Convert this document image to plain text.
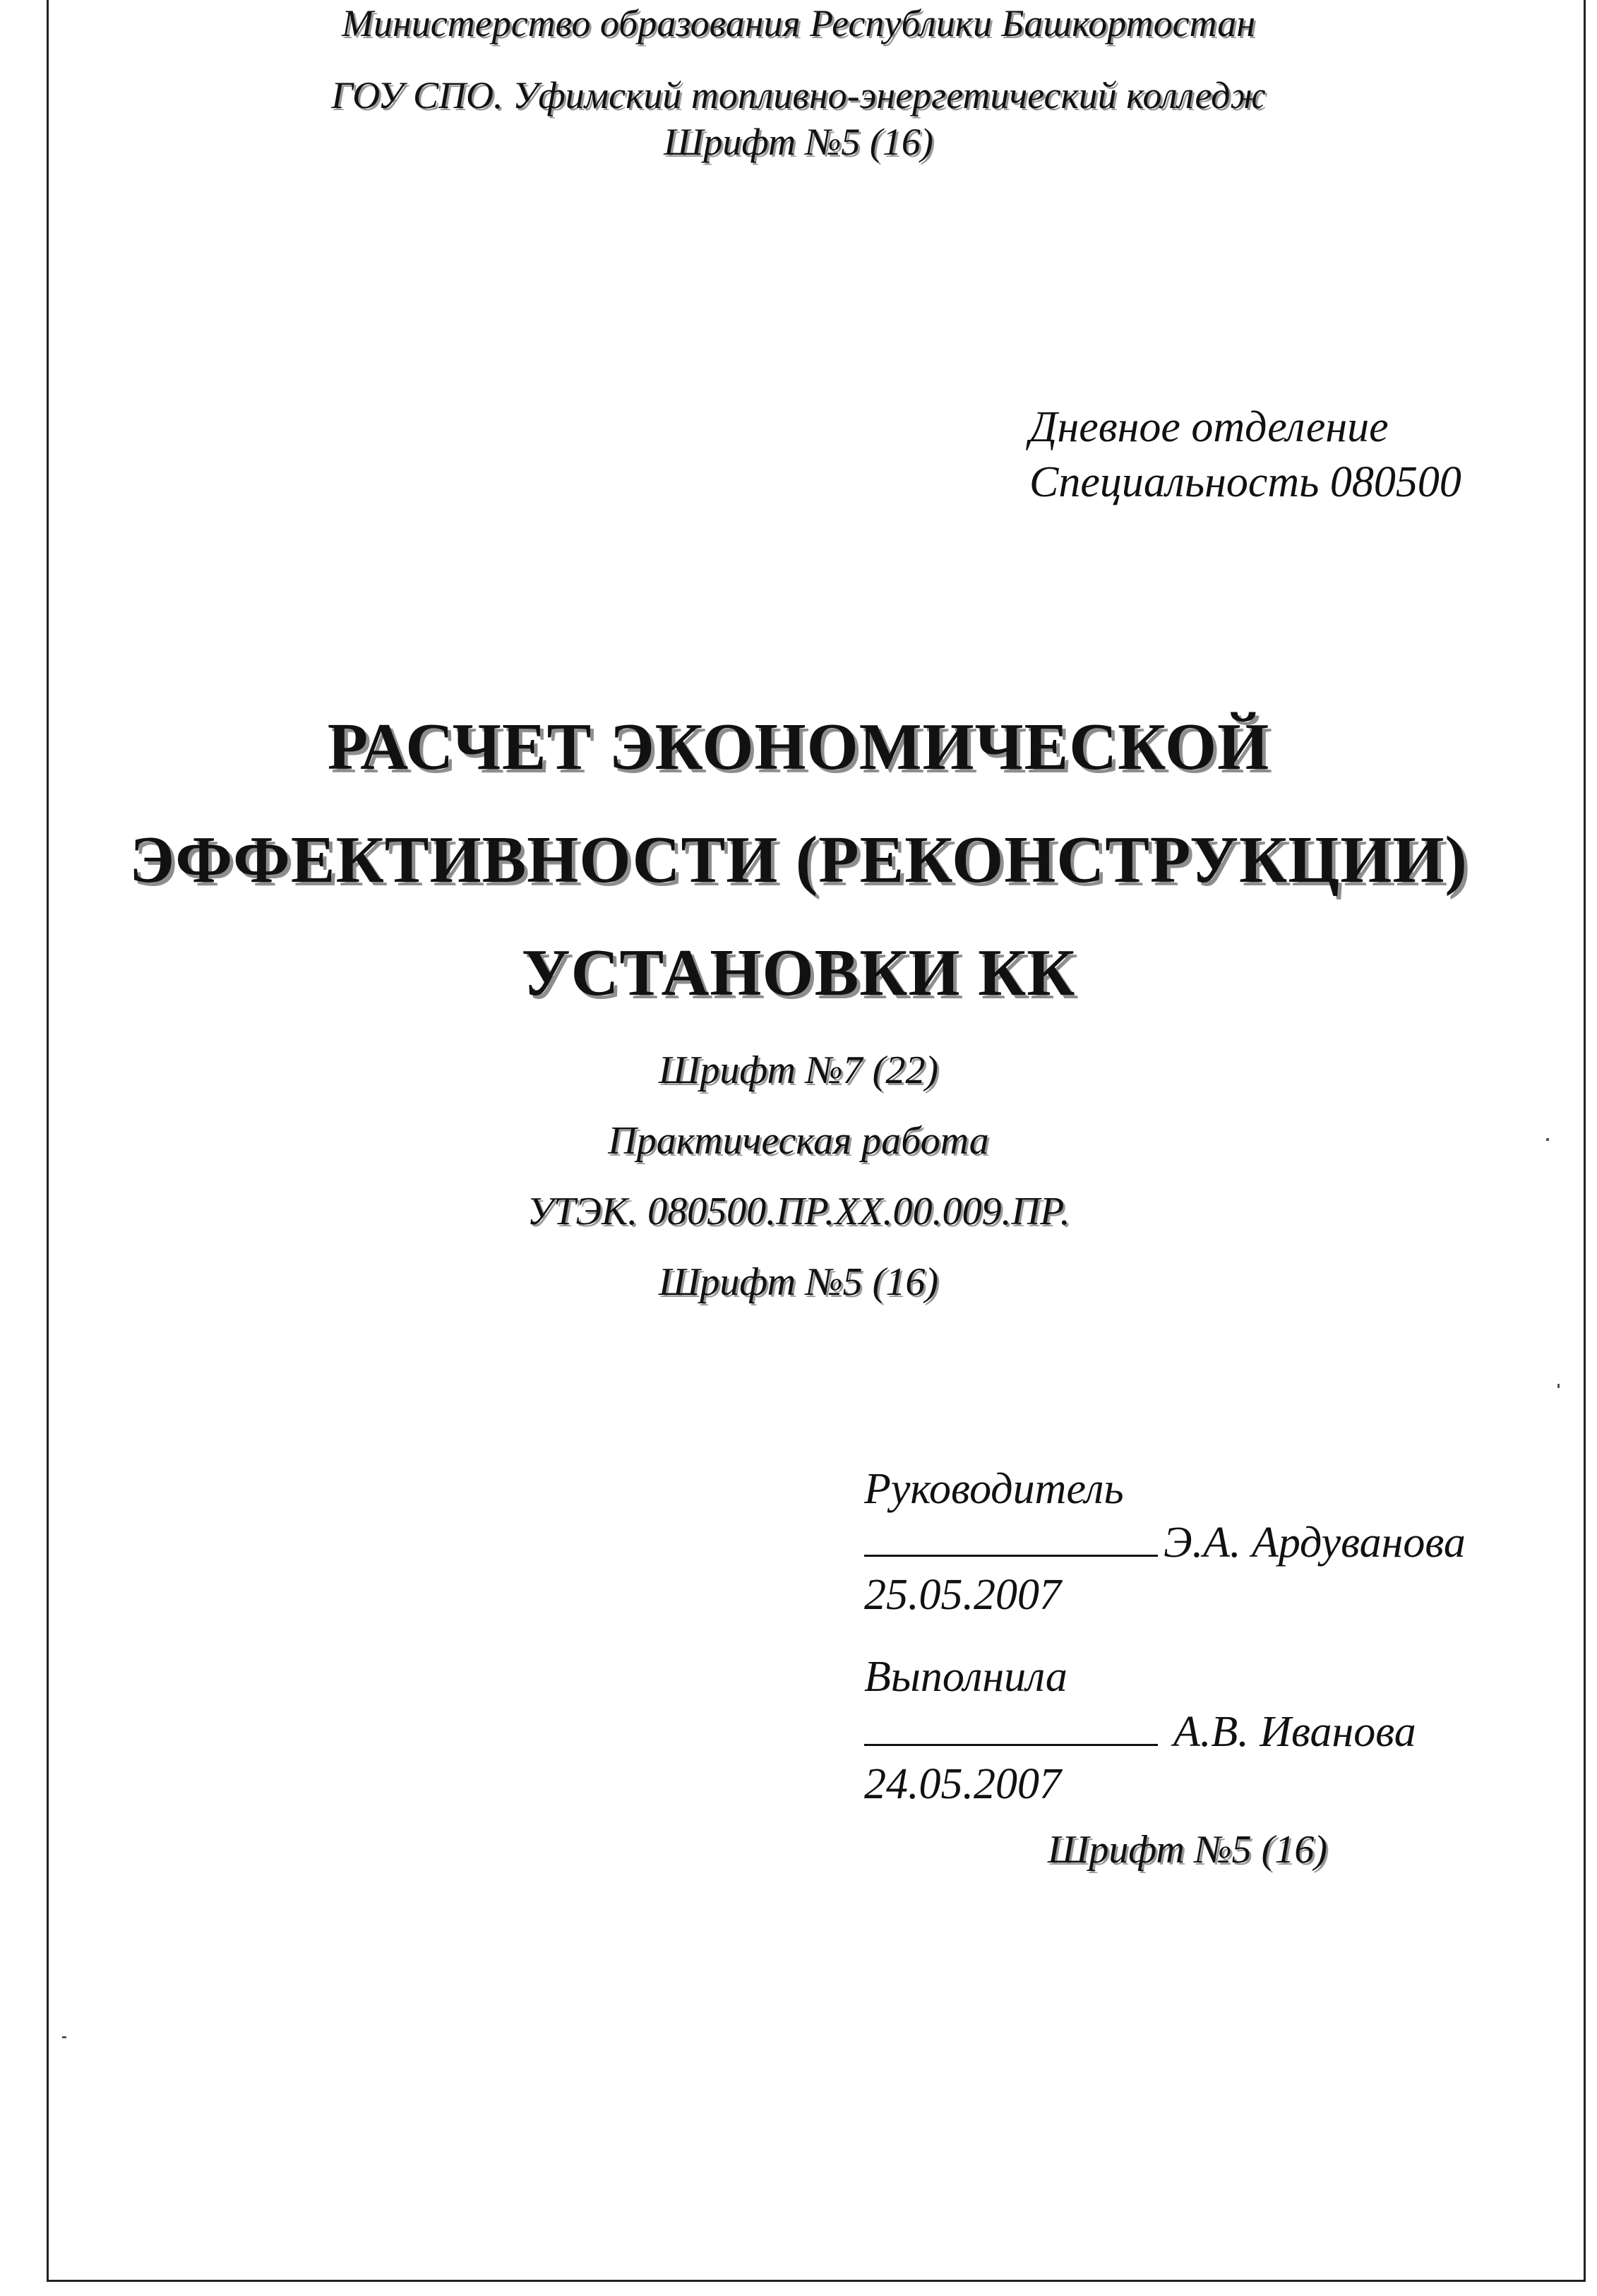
Министерство образования Республики Башкортостан
ГОУ СПО. Уфимский топливно-энергетический колледж
Шрифт №5 (16)
Дневное отделение
Специальность 080500
РАСЧЕТ ЭКОНОМИЧЕСКОЙ
ЭФФЕКТИВНОСТИ (РЕКОНСТРУКЦИИ)
УСТАНОВКИ КК
Шрифт №7 (22)
Практическая работа
УТЭК. 080500.ПР.ХХ.00.009.ПР.
Шрифт №5 (16)
Руководитель
Э.А. Ардуванова
25.05.2007
Выполнила
А.В. Иванова
24.05.2007
Шрифт №5 (16)
